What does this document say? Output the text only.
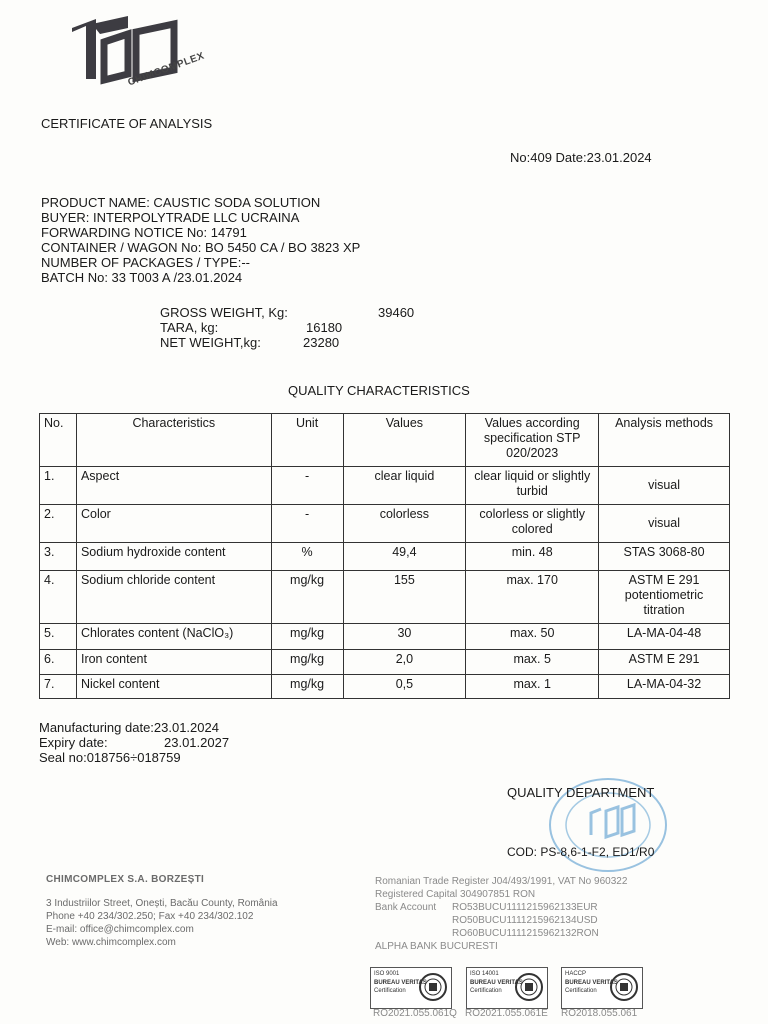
CHIMCOMPLEX
CERTIFICATE OF ANALYSIS
No:409 Date:23.01.2024
PRODUCT NAME: CAUSTIC SODA SOLUTION
BUYER: INTERPOLYTRADE LLC UCRAINA
FORWARDING NOTICE No: 14791
CONTAINER / WAGON No: BO 5450 CA / BO 3823 XP
NUMBER OF PACKAGES / TYPE:--
BATCH No: 33 T003 A /23.01.2024
GROSS WEIGHT, Kg:	39460
TARA, kg:	16180
NET WEIGHT,kg:	23280
QUALITY CHARACTERISTICS
No.	Characteristics	Unit	Values	Values according specification STP 020/2023	Analysis methods
1.	Aspect	-	clear liquid	clear liquid or slightly turbid	visual
2.	Color	-	colorless	colorless or slightly colored	visual
3.	Sodium hydroxide content	%	49,4	min. 48	STAS 3068-80
4.	Sodium chloride content	mg/kg	155	max. 170	ASTM E 291 potentiometric titration
5.	Chlorates content (NaClO₃)	mg/kg	30	max. 50	LA-MA-04-48
6.	Iron content	mg/kg	2,0	max. 5	ASTM E 291
7.	Nickel content	mg/kg	0,5	max. 1	LA-MA-04-32
Manufacturing date:23.01.2024
Expiry date:	23.01.2027
Seal no:018756÷018759
QUALITY DEPARTMENT
COD: PS-8,6-1-F2, ED1/R0
CHIMCOMPLEX S.A. BORZEȘTI
3 Industriilor Street, Onești, Bacău County, România
Phone +40 234/302.250; Fax +40 234/302.102
E-mail: office@chimcomplex.com
Web: www.chimcomplex.com
Romanian Trade Register J04/493/1991, VAT No 960322
Registered Capital 304907851 RON
Bank Account RO53BUCU1111215962133EUR
RO50BUCU1111215962134USD
RO60BUCU1111215962132RON
ALPHA BANK BUCURESTI
ISO 9001
BUREAU VERITAS
Certification
ISO 14001
BUREAU VERITAS
Certification
HACCP
BUREAU VERITAS
Certification
RO2021.055.061Q RO2021.055.061E RO2018.055.061
